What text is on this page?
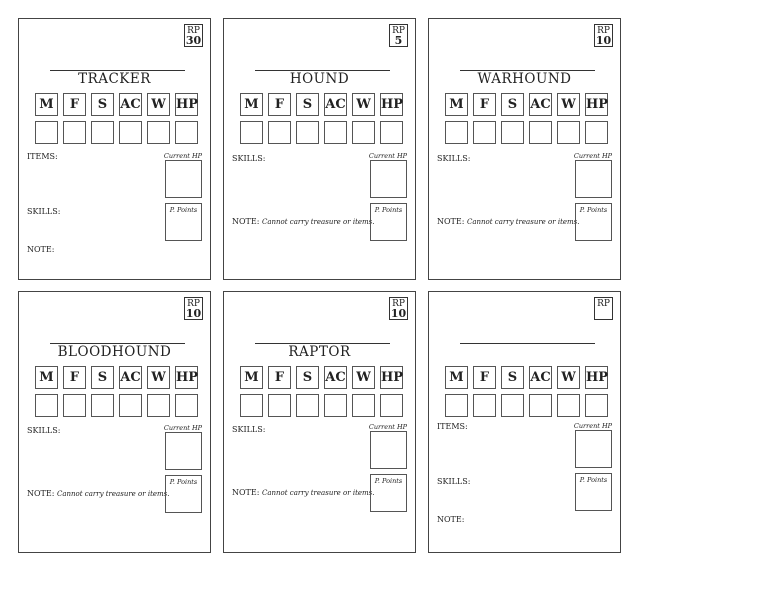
RP
30
TRACKER
M	F	S	AC W HP
ITEMS:	Current HP
SKILLS:	P. Points
NOTE:
RP
5
HOUND
M	F	S	AC W HP
SKILLS:	Current HP
NOTE: Cannot carry treasure or items.
P. Points
RP
10
WARHOUND
M	F	S	AC W HP
SKILLS:	Current HP
NOTE: Cannot carry treasure or items.
P. Points
RP
10
BLOODHOUND
M	F	S	AC W HP
SKILLS:	Current HP
NOTE: Cannot carry treasure or items.
P. Points
RP
10
RAPTOR
M	F	S	AC W HP
SKILLS:	Current HP
NOTE: Cannot carry treasure or items.
P. Points
RP
M	F	S	AC W HP
ITEMS:	Current HP
SKILLS:	P. Points
NOTE:
